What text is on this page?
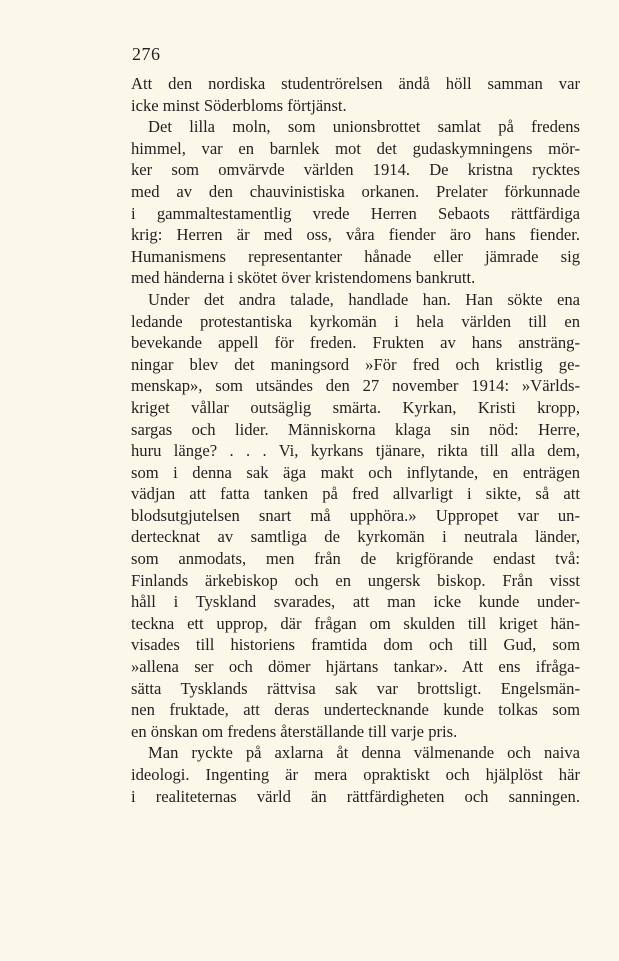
276
Att den nordiska studentrörelsen ändå höll samman var
icke minst Söderbloms förtjänst.
Det lilla moln, som unionsbrottet samlat på fredens
himmel, var en barnlek mot det gudaskymningens mör-
ker som omvärvde världen 1914. De kristna rycktes
med av den chauvinistiska orkanen. Prelater förkunnade
i gammaltestamentlig vrede Herren Sebaots rättfärdiga
krig: Herren är med oss, våra fiender äro hans fiender.
Humanismens representanter hånade eller jämrade sig
med händerna i skötet över kristendomens bankrutt.
Under det andra talade, handlade han. Han sökte ena
ledande protestantiska kyrkomän i hela världen till en
bevekande appell för freden. Frukten av hans ansträng-
ningar blev det maningsord »För fred och kristlig ge-
menskap», som utsändes den 27 november 1914: »Världs-
kriget vållar outsäglig smärta. Kyrkan, Kristi kropp,
sargas och lider. Människorna klaga sin nöd: Herre,
huru länge? . . . Vi, kyrkans tjänare, rikta till alla dem,
som i denna sak äga makt och inflytande, en enträgen
vädjan att fatta tanken på fred allvarligt i sikte, så att
blodsutgjutelsen snart må upphöra.» Uppropet var un-
dertecknat av samtliga de kyrkomän i neutrala länder,
som anmodats, men från de krigförande endast två:
Finlands ärkebiskop och en ungersk biskop. Från visst
håll i Tyskland svarades, att man icke kunde under-
teckna ett upprop, där frågan om skulden till kriget hän-
visades till historiens framtida dom och till Gud, som
»allena ser och dömer hjärtans tankar». Att ens ifråga-
sätta Tysklands rättvisa sak var brottsligt. Engelsmän-
nen fruktade, att deras undertecknande kunde tolkas som
en önskan om fredens återställande till varje pris.
Man ryckte på axlarna åt denna välmenande och naiva
ideologi. Ingenting är mera opraktiskt och hjälplöst här
i realiteternas värld än rättfärdigheten och sanningen.
